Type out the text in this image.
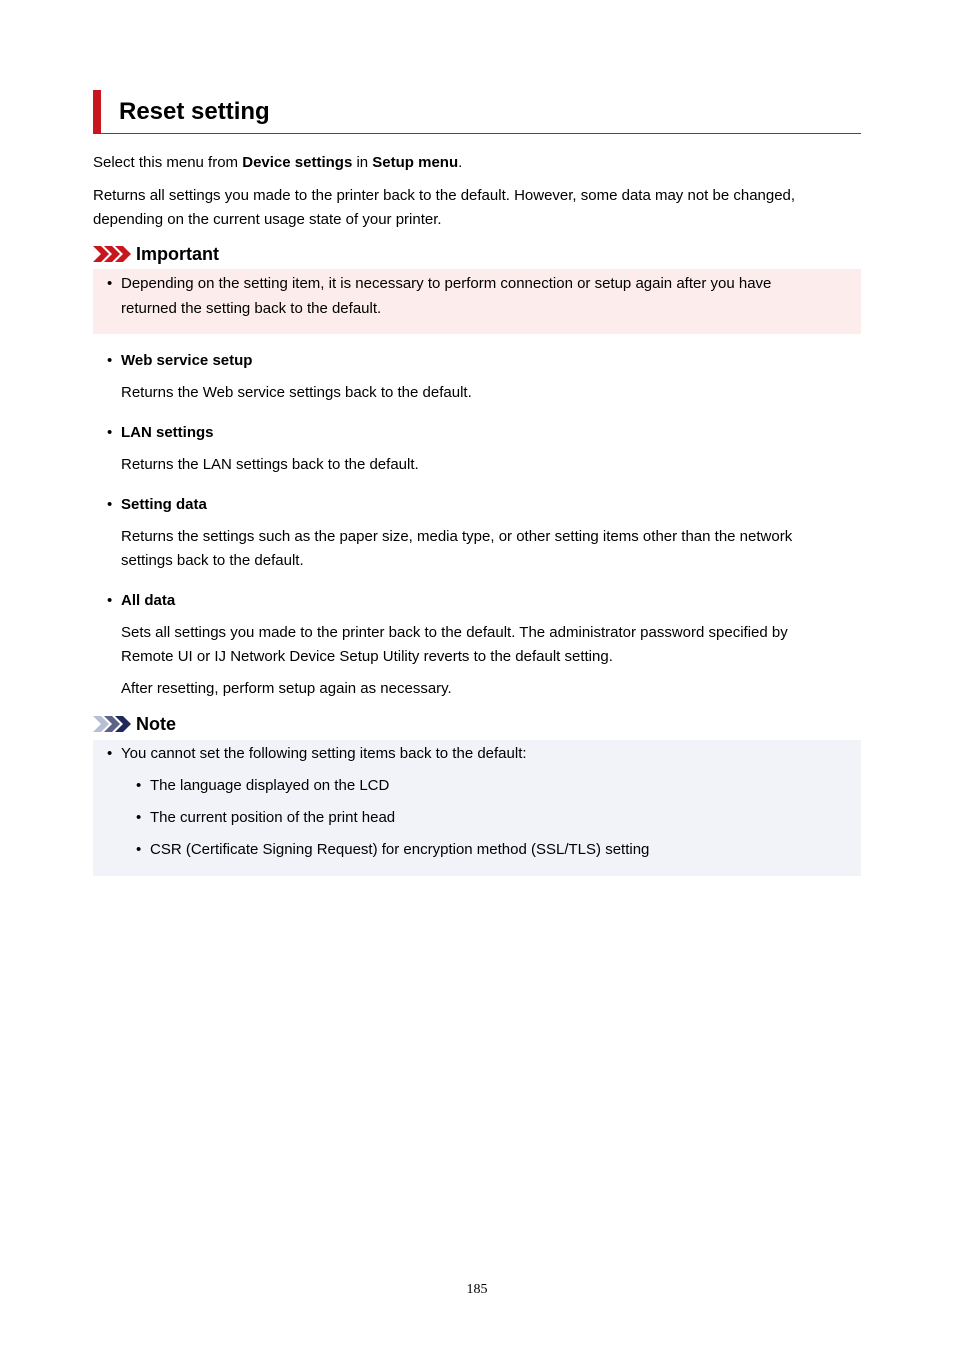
Reset setting
Select this menu from Device settings in Setup menu.
Returns all settings you made to the printer back to the default. However, some data may not be changed,
depending on the current usage state of your printer.
Important
• Depending on the setting item, it is necessary to perform connection or setup again after you have
returned the setting back to the default.
• Web service setup
Returns the Web service settings back to the default.
• LAN settings
Returns the LAN settings back to the default.
• Setting data
Returns the settings such as the paper size, media type, or other setting items other than the network
settings back to the default.
• All data
Sets all settings you made to the printer back to the default. The administrator password specified by
Remote UI or IJ Network Device Setup Utility reverts to the default setting.
After resetting, perform setup again as necessary.
Note
• You cannot set the following setting items back to the default:
• The language displayed on the LCD
• The current position of the print head
• CSR (Certificate Signing Request) for encryption method (SSL/TLS) setting
185
